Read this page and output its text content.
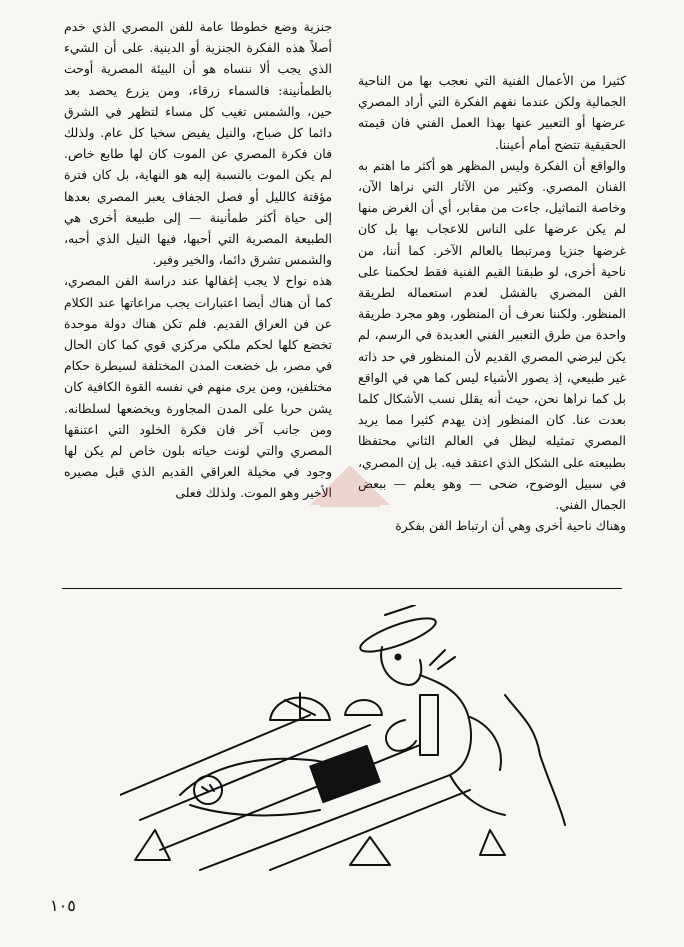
كثيرا من الأعمال الفنية التي نعجب بها من الناحية الجمالية ولكن عندما نفهم الفكرة التي أراد المصري عرضها أو التعبير عنها بهذا العمل الفني فان قيمته الحقيقية تتضح أمام أعيننا.

والواقع أن الفكرة وليس المظهر هو أكثر ما اهتم به الفنان المصري. وكثير من الآثار التي نراها الآن، وخاصة التماثيل، جاءت من مقابر، أي أن الغرض منها لم يكن عرضها على الناس للاعجاب بها بل كان غرضها جنزيا ومرتبطا بالعالم الآخر. كما أننا، من ناحية أخرى، لو طبقنا القيم الفنية فقط لحكمنا على الفن المصري بالفشل لعدم استعماله لطريقة المنظور. ولكننا نعرف أن المنظور، وهو مجرد طريقة واحدة من طرق التعبير الفني العديدة في الرسم، لم يكن ليرضي المصري القديم لأن المنظور في حد ذاته غير طبيعي، إذ يصور الأشياء ليس كما هي في الواقع بل كما نراها نحن، حيث أنه يقلل نسب الأشكال كلما بعدت عنا. كان المنظور إذن يهدم كثيرا مما يريد المصري تمثيله ليظل في العالم الثاني محتفظا بطبيعته على الشكل الذي اعتقد فيه. بل إن المصري، في سبيل الوضوح، ضحى — وهو يعلم — ببعض الجمال الفني.

وهناك ناحية أخرى وهي أن ارتباط الفن بفكرة

جنزية وضع خطوطا عامة للفن المصري الذي خدم أصلاً هذه الفكرة الجنزية أو الدينية. على أن الشيء الذي يجب ألا ننساه هو أن البيئة المصرية أوحت بالطمأنينة: فالسماء زرقاء، ومن يزرع يحصد بعد حين، والشمس تغيب كل مساء لتظهر في الشرق دائما كل صباح، والنيل يفيض سخيا كل عام. ولذلك فان فكرة المصري عن الموت كان لها طابع خاص. لم يكن الموت بالنسبة إليه هو النهاية، بل كان فترة مؤقتة كالليل أو فصل الجفاف يعبر المصري بعدها إلى حياة أكثر طمأنينة — إلى طبيعة أخرى هي الطبيعة المصرية التي أحبها، فيها النيل الذي أحبه، والشمس تشرق دائما، والخير وفير.

هذه نواح لا يجب إغفالها عند دراسة الفن المصري، كما أن هناك أيضا اعتبارات يجب مراعاتها عند الكلام عن فن العراق القديم. فلم تكن هناك دولة موحدة تخضع كلها لحكم ملكي مركزي قوي كما كان الحال في مصر، بل خضعت المدن المختلفة لسيطرة حكام مختلفين، ومن يرى منهم في نفسه القوة الكافية كان يشن حربا على المدن المجاورة ويخضعها لسلطانه. ومن جانب آخر فان فكرة الخلود التي اعتنقها المصري والتي لونت حياته بلون خاص لم يكن لها وجود في مخيلة العراقي القديم الذي قبل مصيره الأخير وهو الموت. ولذلك فعلى

١٠٥
